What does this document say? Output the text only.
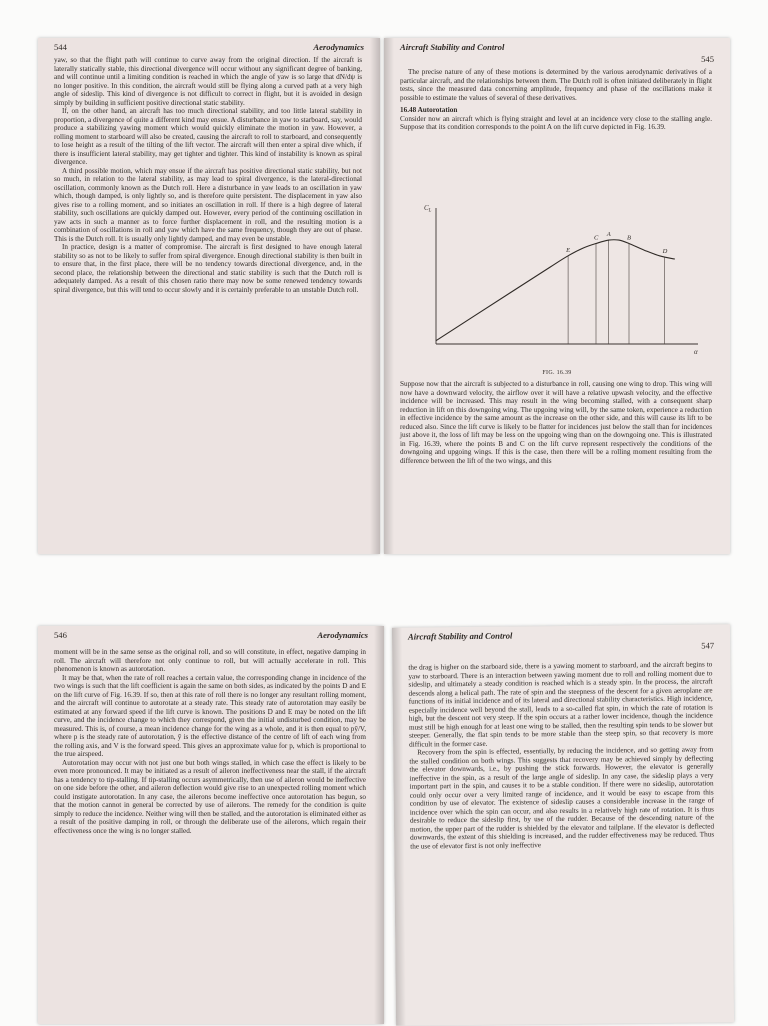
544	Aerodynamics

yaw, so that the flight path will continue to curve away from the original direction. If the aircraft is laterally statically stable, this directional divergence will occur without any significant degree of banking, and will continue until a limiting condition is reached in which the angle of yaw is so large that dN/dψ is no longer positive. In this condition, the aircraft would still be flying along a curved path at a very high angle of sideslip. This kind of divergence is not difficult to correct in flight, but it is avoided in design simply by building in sufficient positive directional static stability.

If, on the other hand, an aircraft has too much directional stability, and too little lateral stability in proportion, a divergence of quite a different kind may ensue. A disturbance in yaw to starboard, say, would produce a stabilizing yawing moment which would quickly eliminate the motion in yaw. However, a rolling moment to starboard will also be created, causing the aircraft to roll to starboard, and consequently to lose height as a result of the tilting of the lift vector. The aircraft will then enter a spiral dive which, if there is insufficient lateral stability, may get tighter and tighter. This kind of instability is known as spiral divergence.

A third possible motion, which may ensue if the aircraft has positive directional static stability, but not so much, in relation to the lateral stability, as may lead to spiral divergence, is the lateral-directional oscillation, commonly known as the Dutch roll. Here a disturbance in yaw leads to an oscillation in yaw which, though damped, is only lightly so, and is therefore quite persistent. The displacement in yaw also gives rise to a rolling moment, and so initiates an oscillation in roll. If there is a high degree of lateral stability, such oscillations are quickly damped out. However, every period of the continuing oscillation in yaw acts in such a manner as to force further displacement in roll, and the resulting motion is a combination of oscillations in roll and yaw which have the same frequency, though they are out of phase. This is the Dutch roll. It is usually only lightly damped, and may even be unstable.

In practice, design is a matter of compromise. The aircraft is first designed to have enough lateral stability so as not to be likely to suffer from spiral divergence. Enough directional stability is then built in to ensure that, in the first place, there will be no tendency towards directional divergence, and, in the second place, the relationship between the directional and static stability is such that the Dutch roll is adequately damped. As a result of this chosen ratio there may now be some renewed tendency towards spiral divergence, but this will tend to occur slowly and it is certainly preferable to an unstable Dutch roll.

Aircraft Stability and Control
545

The precise nature of any of these motions is determined by the various aerodynamic derivatives of a particular aircraft, and the relationships between them. The Dutch roll is often initiated deliberately in flight tests, since the measured data concerning amplitude, frequency and phase of the oscillations make it possible to estimate the values of several of these derivatives.

16.48 Autorotation

Consider now an aircraft which is flying straight and level at an incidence very close to the stalling angle. Suppose that its condition corresponds to the point A on the lift curve depicted in Fig. 16.39.

$C_L$
α
E
C A	B
D
FIG. 16.39

Suppose now that the aircraft is subjected to a disturbance in roll, causing one wing to drop. This wing will now have a downward velocity, the airflow over it will have a relative upwash velocity, and the effective incidence will be increased. This may result in the wing becoming stalled, with a consequent sharp reduction in lift on this downgoing wing. The upgoing wing will, by the same token, experience a reduction in effective incidence by the same amount as the increase on the other side, and this will cause its lift to be reduced also. Since the lift curve is likely to be flatter for incidences just below the stall than for incidences just above it, the loss of lift may be less on the upgoing wing than on the downgoing one. This is illustrated in Fig. 16.39, where the points B and C on the lift curve represent respectively the conditions of the downgoing and upgoing wings. If this is the case, then there will be a rolling moment resulting from the difference between the lift of the two wings, and this

546	Aerodynamics

moment will be in the same sense as the original roll, and so will constitute, in effect, negative damping in roll. The aircraft will therefore not only continue to roll, but will actually accelerate in roll. This phenomenon is known as autorotation.

It may be that, when the rate of roll reaches a certain value, the corresponding change in incidence of the two wings is such that the lift coefficient is again the same on both sides, as indicated by the points D and E on the lift curve of Fig. 16.39. If so, then at this rate of roll there is no longer any resultant rolling moment, and the aircraft will continue to autorotate at a steady rate. This steady rate of autorotation may easily be estimated at any forward speed if the lift curve is known. The positions D and E may be noted on the lift curve, and the incidence change to which they correspond, given the initial undisturbed condition, may be measured. This is, of course, a mean incidence change for the wing as a whole, and it is then equal to pȳ/V, where p is the steady rate of autorotation, ȳ is the effective distance of the centre of lift of each wing from the rolling axis, and V is the forward speed. This gives an approximate value for p, which is proportional to the true airspeed.

Autorotation may occur with not just one but both wings stalled, in which case the effect is likely to be even more pronounced. It may be initiated as a result of aileron ineffectiveness near the stall, if the aircraft has a tendency to tip-stalling. If tip-stalling occurs asymmetrically, then use of aileron would be ineffective on one side before the other, and aileron deflection would give rise to an unexpected rolling moment which could instigate autorotation. In any case, the ailerons become ineffective once autorotation has begun, so that the motion cannot in general be corrected by use of ailerons. The remedy for the condition is quite simply to reduce the incidence. Neither wing will then be stalled, and the autorotation is eliminated either as a result of the positive damping in roll, or through the deliberate use of the ailerons, which regain their effectiveness once the wing is no longer stalled.

Aircraft Stability and Control
547

the drag is higher on the starboard side, there is a yawing moment to starboard, and the aircraft begins to yaw to starboard. There is an interaction between yawing moment due to roll and rolling moment due to sideslip, and ultimately a steady condition is reached which is a steady spin. In the process, the aircraft descends along a helical path. The rate of spin and the steepness of the descent for a given aeroplane are functions of its initial incidence and of its lateral and directional stability characteristics. High incidence, especially incidence well beyond the stall, leads to a so-called flat spin, in which the rate of rotation is high, but the descent not very steep. If the spin occurs at a rather lower incidence, though the incidence must still be high enough for at least one wing to be stalled, then the resulting spin tends to be slower but steeper. Generally, the flat spin tends to be more stable than the steep spin, so that recovery is more difficult in the former case.

Recovery from the spin is effected, essentially, by reducing the incidence, and so getting away from the stalled condition on both wings. This suggests that recovery may be achieved simply by deflecting the elevator downwards, i.e., by pushing the stick forwards. However, the elevator is generally ineffective in the spin, as a result of the large angle of sideslip. In any case, the sideslip plays a very important part in the spin, and causes it to be a stable condition. If there were no sideslip, autorotation could only occur over a very limited range of incidence, and it would be easy to escape from this condition by use of elevator. The existence of sideslip causes a considerable increase in the range of incidence over which the spin can occur, and also results in a relatively high rate of rotation. It is thus desirable to reduce the sideslip first, by use of the rudder. Because of the descending nature of the motion, the upper part of the rudder is shielded by the elevator and tailplane. If the elevator is deflected downwards, the extent of this shielding is increased, and the rudder effectiveness may be reduced. Thus the use of elevator first is not only ineffective
